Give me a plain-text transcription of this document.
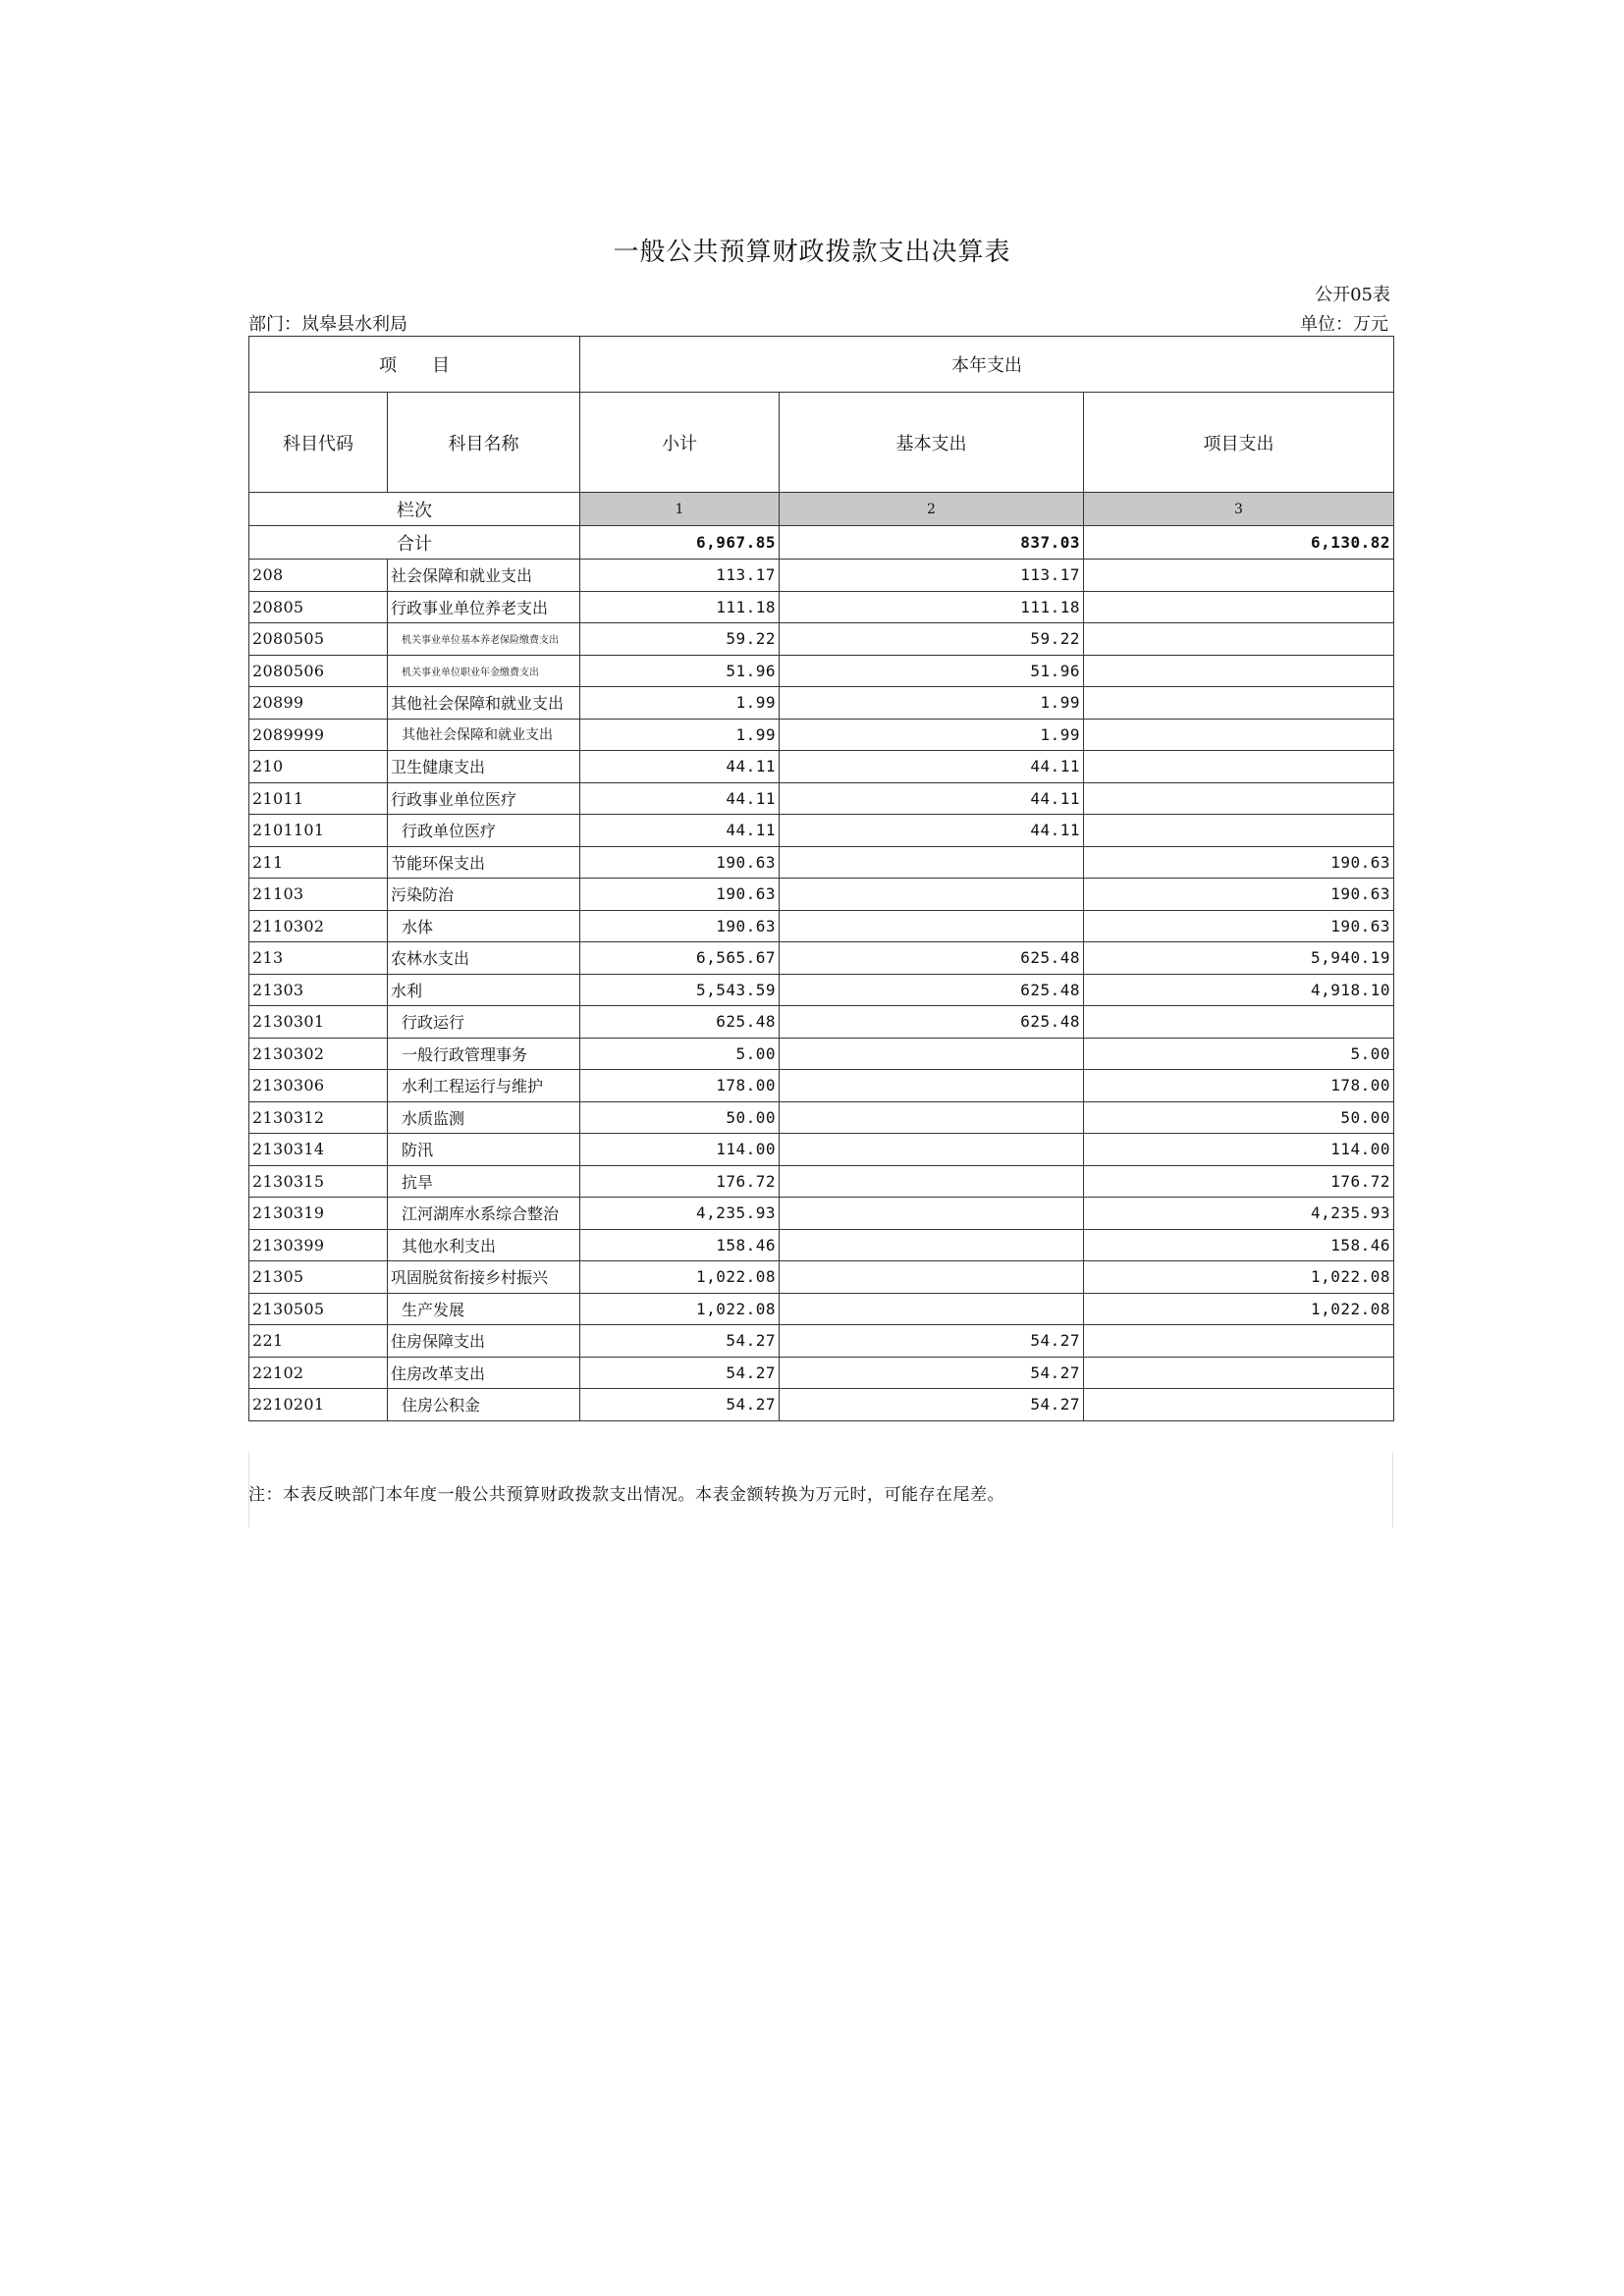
一般公共预算财政拨款支出决算表
公开05表
部门：岚皋县水利局	单位：万元
项　　目		本年支出		
科目代码	科目名称	小计	基本支出	项目支出
栏次		1	2	3
合计		6,967.85	837.03	6,130.82
208	社会保障和就业支出	113.17	113.17	
20805	行政事业单位养老支出	111.18	111.18	
2080505	机关事业单位基本养老保险缴费支出	59.22	59.22	
2080506	机关事业单位职业年金缴费支出	51.96	51.96	
20899	其他社会保障和就业支出	1.99	1.99	
2089999	其他社会保障和就业支出	1.99	1.99	
210	卫生健康支出	44.11	44.11	
21011	行政事业单位医疗	44.11	44.11	
2101101	行政单位医疗	44.11	44.11	
211	节能环保支出	190.63		190.63
21103	污染防治	190.63		190.63
2110302	水体	190.63		190.63
213	农林水支出	6,565.67	625.48	5,940.19
21303	水利	5,543.59	625.48	4,918.10
2130301	行政运行	625.48	625.48	
2130302	一般行政管理事务	5.00		5.00
2130306	水利工程运行与维护	178.00		178.00
2130312	水质监测	50.00		50.00
2130314	防汛	114.00		114.00
2130315	抗旱	176.72		176.72
2130319	江河湖库水系综合整治	4,235.93		4,235.93
2130399	其他水利支出	158.46		158.46
21305	巩固脱贫衔接乡村振兴	1,022.08		1,022.08
2130505	生产发展	1,022.08		1,022.08
221	住房保障支出	54.27	54.27	
22102	住房改革支出	54.27	54.27	
2210201	住房公积金	54.27	54.27	
注：本表反映部门本年度一般公共预算财政拨款支出情况。本表金额转换为万元时，可能存在尾差。
